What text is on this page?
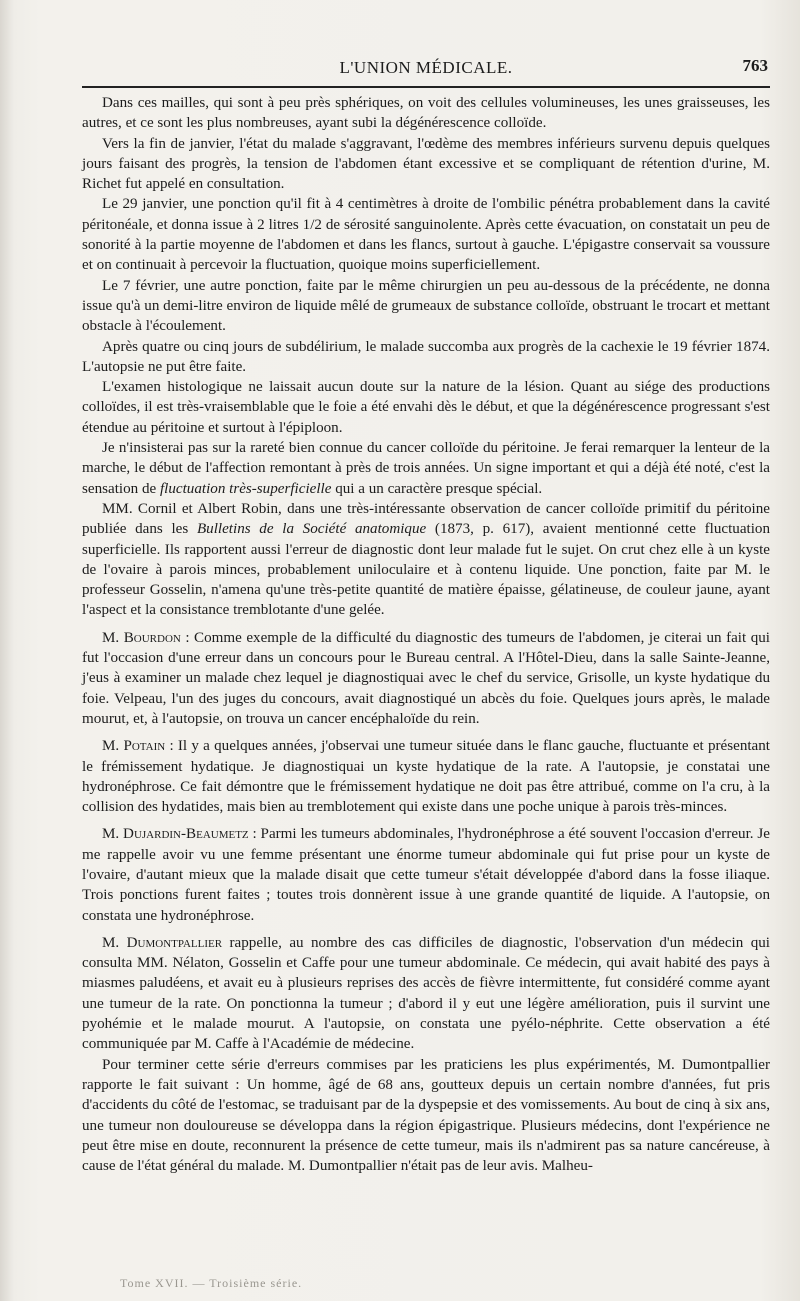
L'UNION MÉDICALE.	763

Dans ces mailles, qui sont à peu près sphériques, on voit des cellules volumineuses, les unes graisseuses, les autres, et ce sont les plus nombreuses, ayant subi la dégénérescence colloïde.

Vers la fin de janvier, l'état du malade s'aggravant, l'œdème des membres inférieurs survenu depuis quelques jours faisant des progrès, la tension de l'abdomen étant excessive et se compliquant de rétention d'urine, M. Richet fut appelé en consultation.

Le 29 janvier, une ponction qu'il fit à 4 centimètres à droite de l'ombilic pénétra probablement dans la cavité péritonéale, et donna issue à 2 litres 1/2 de sérosité sanguinolente. Après cette évacuation, on constatait un peu de sonorité à la partie moyenne de l'abdomen et dans les flancs, surtout à gauche. L'épigastre conservait sa voussure et on continuait à percevoir la fluctuation, quoique moins superficiellement.

Le 7 février, une autre ponction, faite par le même chirurgien un peu au-dessous de la précédente, ne donna issue qu'à un demi-litre environ de liquide mêlé de grumeaux de substance colloïde, obstruant le trocart et mettant obstacle à l'écoulement.

Après quatre ou cinq jours de subdélirium, le malade succomba aux progrès de la cachexie le 19 février 1874. L'autopsie ne put être faite.

L'examen histologique ne laissait aucun doute sur la nature de la lésion. Quant au siége des productions colloïdes, il est très-vraisemblable que le foie a été envahi dès le début, et que la dégénérescence progressant s'est étendue au péritoine et surtout à l'épiploon.

Je n'insisterai pas sur la rareté bien connue du cancer colloïde du péritoine. Je ferai remarquer la lenteur de la marche, le début de l'affection remontant à près de trois années. Un signe important et qui a déjà été noté, c'est la sensation de fluctuation très-superficielle qui a un caractère presque spécial.

MM. Cornil et Albert Robin, dans une très-intéressante observation de cancer colloïde primitif du péritoine publiée dans les Bulletins de la Société anatomique (1873, p. 617), avaient mentionné cette fluctuation superficielle. Ils rapportent aussi l'erreur de diagnostic dont leur malade fut le sujet. On crut chez elle à un kyste de l'ovaire à parois minces, probablement uniloculaire et à contenu liquide. Une ponction, faite par M. le professeur Gosselin, n'amena qu'une très-petite quantité de matière épaisse, gélatineuse, de couleur jaune, ayant l'aspect et la consistance tremblotante d'une gelée.

M. Bourdon : Comme exemple de la difficulté du diagnostic des tumeurs de l'abdomen, je citerai un fait qui fut l'occasion d'une erreur dans un concours pour le Bureau central. A l'Hôtel-Dieu, dans la salle Sainte-Jeanne, j'eus à examiner un malade chez lequel je diagnostiquai avec le chef du service, Grisolle, un kyste hydatique du foie. Velpeau, l'un des juges du concours, avait diagnostiqué un abcès du foie. Quelques jours après, le malade mourut, et, à l'autopsie, on trouva un cancer encéphaloïde du rein.

M. Potain : Il y a quelques années, j'observai une tumeur située dans le flanc gauche, fluctuante et présentant le frémissement hydatique. Je diagnostiquai un kyste hydatique de la rate. A l'autopsie, je constatai une hydronéphrose. Ce fait démontre que le frémissement hydatique ne doit pas être attribué, comme on l'a cru, à la collision des hydatides, mais bien au tremblotement qui existe dans une poche unique à parois très-minces.

M. Dujardin-Beaumetz : Parmi les tumeurs abdominales, l'hydronéphrose a été souvent l'occasion d'erreur. Je me rappelle avoir vu une femme présentant une énorme tumeur abdominale qui fut prise pour un kyste de l'ovaire, d'autant mieux que la malade disait que cette tumeur s'était développée d'abord dans la fosse iliaque. Trois ponctions furent faites ; toutes trois donnèrent issue à une grande quantité de liquide. A l'autopsie, on constata une hydronéphrose.

M. Dumontpallier rappelle, au nombre des cas difficiles de diagnostic, l'observation d'un médecin qui consulta MM. Nélaton, Gosselin et Caffe pour une tumeur abdominale. Ce médecin, qui avait habité des pays à miasmes paludéens, et avait eu à plusieurs reprises des accès de fièvre intermittente, fut considéré comme ayant une tumeur de la rate. On ponctionna la tumeur ; d'abord il y eut une légère amélioration, puis il survint une pyohémie et le malade mourut. A l'autopsie, on constata une pyélo-néphrite. Cette observation a été communiquée par M. Caffe à l'Académie de médecine.

Pour terminer cette série d'erreurs commises par les praticiens les plus expérimentés, M. Dumontpallier rapporte le fait suivant : Un homme, âgé de 68 ans, goutteux depuis un certain nombre d'années, fut pris d'accidents du côté de l'estomac, se traduisant par de la dyspepsie et des vomissements. Au bout de cinq à six ans, une tumeur non douloureuse se développa dans la région épigastrique. Plusieurs médecins, dont l'expérience ne peut être mise en doute, reconnurent la présence de cette tumeur, mais ils n'admirent pas sa nature cancéreuse, à cause de l'état général du malade. M. Dumontpallier n'était pas de leur avis. Malheu-

Tome XVII. — Troisième série.
